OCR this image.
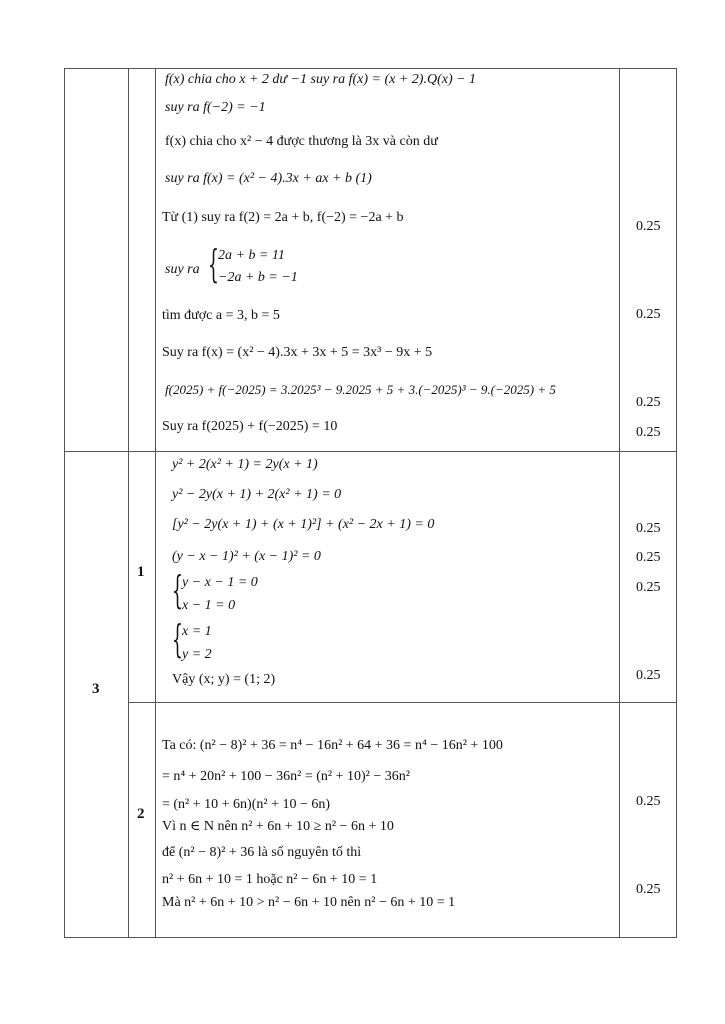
3
1
2
f(x) chia cho x + 2 dư −1 suy ra f(x) = (x + 2).Q(x) − 1
suy ra f(−2) = −1
f(x) chia cho x² − 4 được thương là 3x và còn dư
suy ra f(x) = (x² − 4).3x + ax + b (1)
Từ (1) suy ra f(2) = 2a + b, f(−2) = −2a + b
suy ra { 2a + b = 11
−2a + b = −1
tìm được a = 3, b = 5
Suy ra f(x) = (x² − 4).3x + 3x + 5 = 3x³ − 9x + 5
f(2025) + f(−2025) = 3.2025³ − 9.2025 + 5 + 3.(−2025)³ − 9.(−2025) + 5
Suy ra f(2025) + f(−2025) = 10
y² + 2(x² + 1) = 2y(x + 1)
y² − 2y(x + 1) + 2(x² + 1) = 0
[y² − 2y(x + 1) + (x + 1)²] + (x² − 2x + 1) = 0
(y − x − 1)² + (x − 1)² = 0
{ y − x − 1 = 0
x − 1 = 0
{ x = 1
y = 2
Vậy (x; y) = (1; 2)
Ta có: (n² − 8)² + 36 = n⁴ − 16n² + 64 + 36 = n⁴ − 16n² + 100
= n⁴ + 20n² + 100 − 36n² = (n² + 10)² − 36n²
= (n² + 10 + 6n)(n² + 10 − 6n)
Vì n ∈ N nên n² + 6n + 10 ≥ n² − 6n + 10
để (n² − 8)² + 36 là số nguyên tố thì
n² + 6n + 10 = 1 hoặc n² − 6n + 10 = 1
Mà n² + 6n + 10 > n² − 6n + 10 nên n² − 6n + 10 = 1
0.25
0.25
0.25
0.25
0.25
0.25
0.25
0.25
0.25
0.25
